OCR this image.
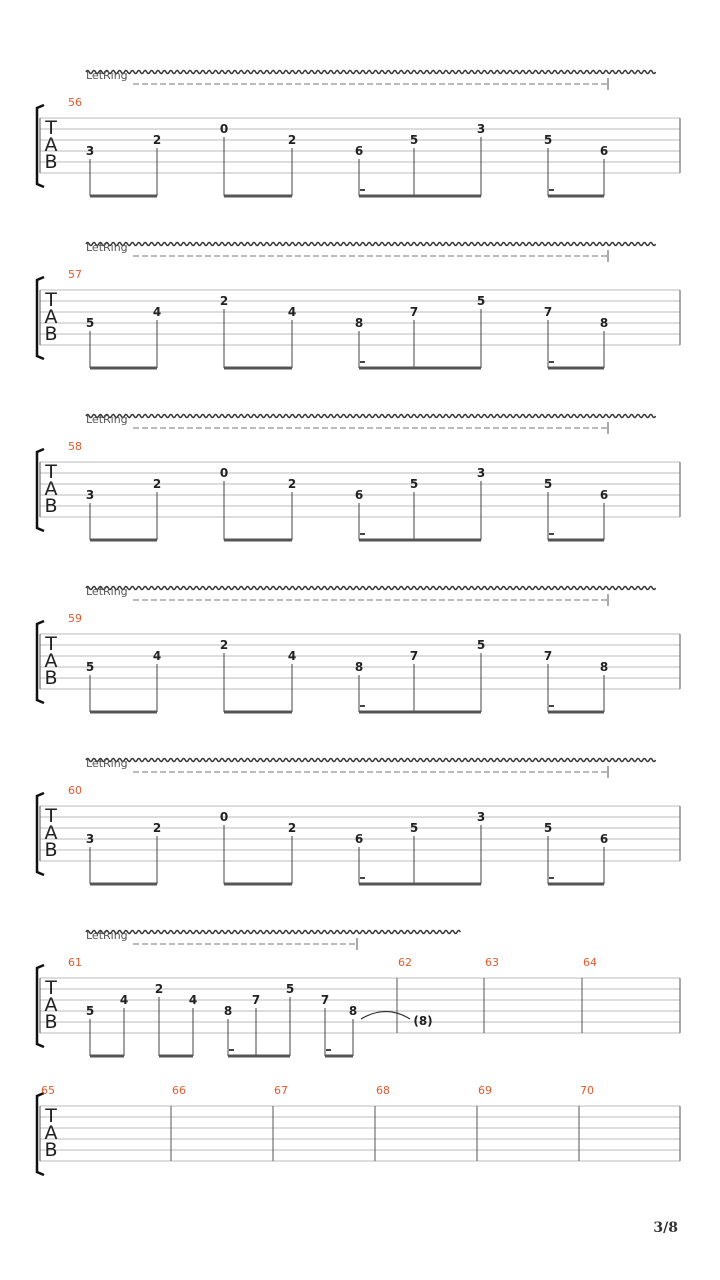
LetRing
T
A
B
56
3
2
0
2
6
5
3
5
6
LetRing
T
A
B
57
5
4
2
4
8
7
5
7
8
LetRing
T
A
B
58
3
2
0
2
6
5
3
5
6
LetRing
T
A
B
59
5
4
2
4
8
7
5
7
8
LetRing
T
A
B
60
3
2
0
2
6
5
3
5
6
LetRing
T
A
B
61
5
4
2
4
8
7
5
7
8
62
(8)
63	64
T
A
B
65	66	67	68	69	70
3/8
